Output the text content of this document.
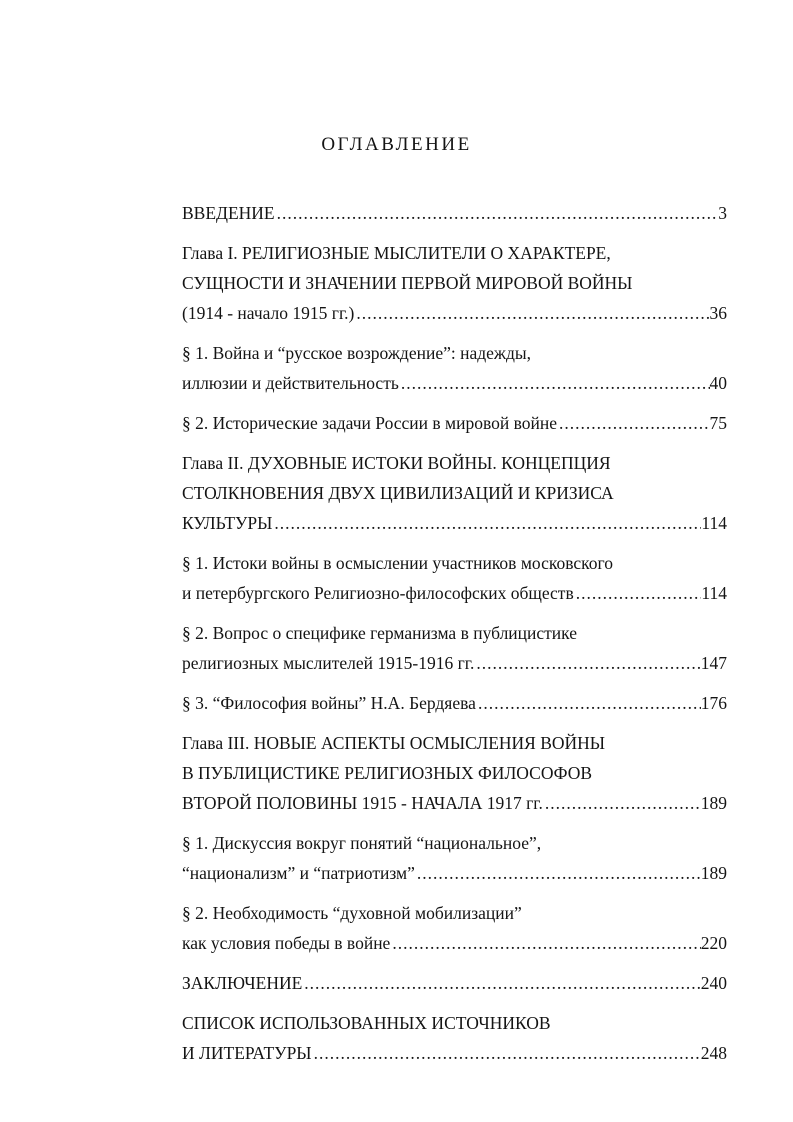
ОГЛАВЛЕНИЕ
ВВЕДЕНИЕ .....	3
Глава I. РЕЛИГИОЗНЫЕ МЫСЛИТЕЛИ О ХАРАКТЕРЕ,
СУЩНОСТИ И ЗНАЧЕНИИ ПЕРВОЙ МИРОВОЙ ВОЙНЫ
(1914 - начало 1915 гг.) .....	36
§ 1. Война и “русское возрождение”: надежды,
иллюзии и действительность .....	40
§ 2. Исторические задачи России в мировой войне .....	75
Глава II. ДУХОВНЫЕ ИСТОКИ ВОЙНЫ. КОНЦЕПЦИЯ
СТОЛКНОВЕНИЯ ДВУХ ЦИВИЛИЗАЦИЙ И КРИЗИСА
КУЛЬТУРЫ .....	114
§ 1. Истоки войны в осмыслении участников московского
и петербургского Религиозно-философских обществ .....	114
§ 2. Вопрос о специфике германизма в публицистике
религиозных мыслителей 1915-1916 гг. .....	147
§ 3. “Философия войны” Н.А. Бердяева .....	176
Глава III. НОВЫЕ АСПЕКТЫ ОСМЫСЛЕНИЯ ВОЙНЫ
В ПУБЛИЦИСТИКЕ РЕЛИГИОЗНЫХ ФИЛОСОФОВ
ВТОРОЙ ПОЛОВИНЫ 1915 - НАЧАЛА 1917 гг. .....	189
§ 1. Дискуссия вокруг понятий “национальное”,
“национализм” и “патриотизм” .....	189
§ 2. Необходимость “духовной мобилизации”
как условия победы в войне .....	220
ЗАКЛЮЧЕНИЕ .....	240
СПИСОК ИСПОЛЬЗОВАННЫХ ИСТОЧНИКОВ
И ЛИТЕРАТУРЫ .....	248
